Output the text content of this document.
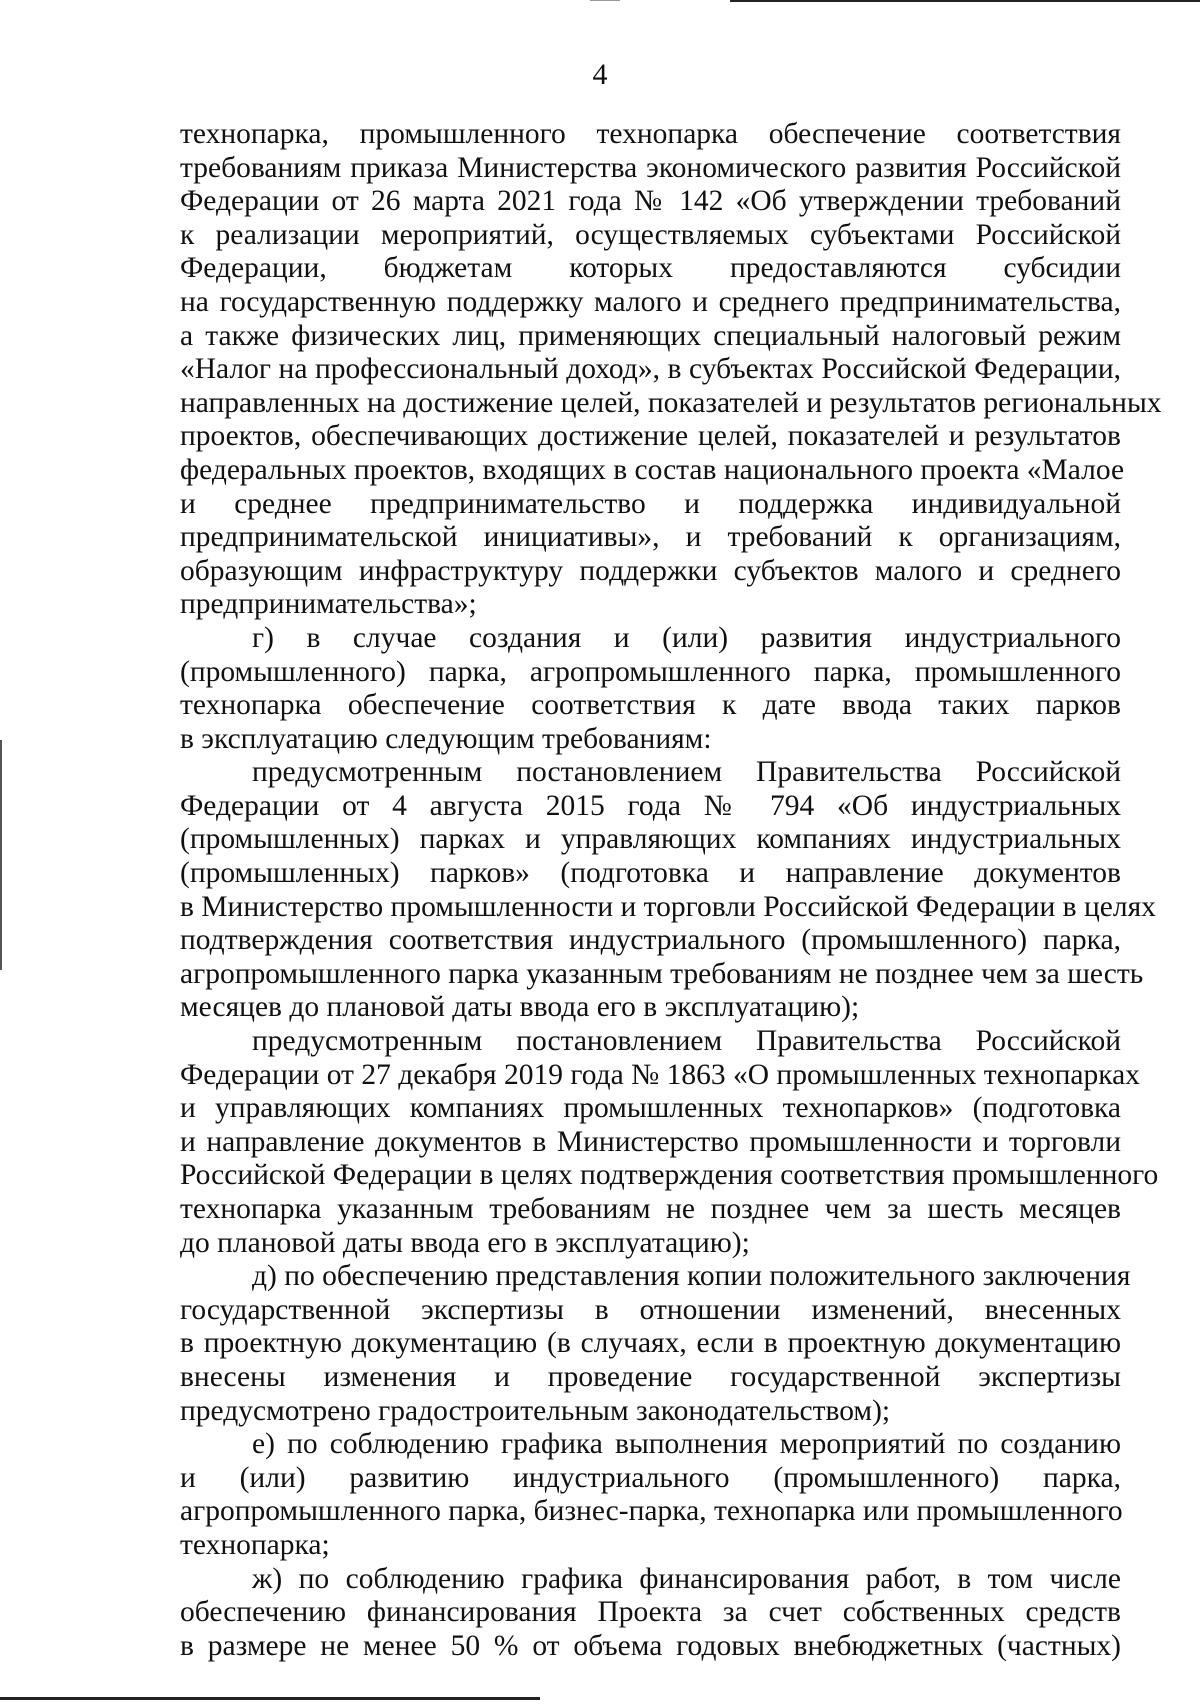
4
технопарка, промышленного технопарка обеспечение соответствия
требованиям приказа Министерства экономического развития Российской
Федерации от 26 марта 2021 года № 142 «Об утверждении требований
к реализации мероприятий, осуществляемых субъектами Российской
Федерации, бюджетам которых предоставляются субсидии
на государственную поддержку малого и среднего предпринимательства,
а также физических лиц, применяющих специальный налоговый режим
«Налог на профессиональный доход», в субъектах Российской Федерации,
направленных на достижение целей, показателей и результатов региональных
проектов, обеспечивающих достижение целей, показателей и результатов
федеральных проектов, входящих в состав национального проекта «Малое
и среднее предпринимательство и поддержка индивидуальной
предпринимательской инициативы», и требований к организациям,
образующим инфраструктуру поддержки субъектов малого и среднего
предпринимательства»;
г) в случае создания и (или) развития индустриального
(промышленного) парка, агропромышленного парка, промышленного
технопарка обеспечение соответствия к дате ввода таких парков
в эксплуатацию следующим требованиям:
предусмотренным постановлением Правительства Российской
Федерации от 4 августа 2015 года № 794 «Об индустриальных
(промышленных) парках и управляющих компаниях индустриальных
(промышленных) парков» (подготовка и направление документов
в Министерство промышленности и торговли Российской Федерации в целях
подтверждения соответствия индустриального (промышленного) парка,
агропромышленного парка указанным требованиям не позднее чем за шесть
месяцев до плановой даты ввода его в эксплуатацию);
предусмотренным постановлением Правительства Российской
Федерации от 27 декабря 2019 года № 1863 «О промышленных технопарках
и управляющих компаниях промышленных технопарков» (подготовка
и направление документов в Министерство промышленности и торговли
Российской Федерации в целях подтверждения соответствия промышленного
технопарка указанным требованиям не позднее чем за шесть месяцев
до плановой даты ввода его в эксплуатацию);
д) по обеспечению представления копии положительного заключения
государственной экспертизы в отношении изменений, внесенных
в проектную документацию (в случаях, если в проектную документацию
внесены изменения и проведение государственной экспертизы
предусмотрено градостроительным законодательством);
е) по соблюдению графика выполнения мероприятий по созданию
и (или) развитию индустриального (промышленного) парка,
агропромышленного парка, бизнес-парка, технопарка или промышленного
технопарка;
ж) по соблюдению графика финансирования работ, в том числе
обеспечению финансирования Проекта за счет собственных средств
в размере не менее 50 % от объема годовых внебюджетных (частных)
